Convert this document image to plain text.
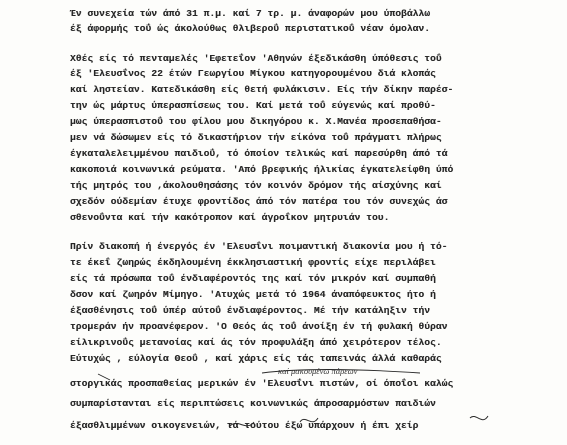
Έν συνεχεία τών άπό 31 π.μ. καί 7 τρ. μ. άναφορών μου ύποβάλλω
έξ άφορμής τοΰ ώς άκολούθως θλιβεροΰ περιστατικοΰ νέαν όμολαν.
Χθές είς τό πενταμελές 'Εφετεΐον 'Αθηνών έξεδικάσθη ύπόθεσις τοΰ
έξ 'Ελευσΐνος 22 έτών Γεωργίου Μίγκου κατηγορουμένου διά κλοπάς
καί ληστείαν. Κατεδικάσθη είς θετή φυλάκισιν. Είς τήν δίκην παρέσ-
την ώς μάρτυς ύπερασπίσεως του. Καί μετά τοΰ εύγενώς καί προθύ-
μως ύπερασπιστοΰ του φίλου μου δικηγόρου κ. Χ.Μανέα προσεπαθήσα-
μεν νά δώσωμεν είς τό δικαστήριον τήν είκόνα τοΰ πράγματι πλήρως
έγκαταλελειμμένου παιδιοΰ, τό όποίον τελικώς καί παρεσύρθη άπό τά
κακοποιά κοινωνικά ρεύματα. 'Από βρεφικής ήλικίας έγκατελείφθη ύπό
τής μητρός του ,άκολουθησάσης τόν κοινόν δρόμον τής αίσχύνης καί
σχεδόν ούδεμίαν έτυχε φροντίδος άπό τόν πατέρα του τόν συνεχώς άσ
σθενοΰντα καί τήν κακότροπον καί άγροΐκον μητρυιάν του.
Πρίν διακοπή ή ένεργός έν 'Ελευσΐνι ποιμαντική διακονία μου ή τό-
τε έκεΐ ζωηρώς έκδηλουμένη έκκλησιαστική φροντίς είχε περιλάβει
είς τά πρόσωπα τοΰ ένδιαφέροντός της καί τόν μικρόν καί συμπαθή
δσον καί ζωηρόν Μίμηγο. 'Ατυχώς μετά τό 1964 άναπόφευκτος ήτο ή
έξασθένησις τοΰ ύπέρ αύτοΰ ένδιαφέροντος. Μέ τήν κατάληξιν τήν
τρομεράν ήν προανέφερον. 'Ο Θεός άς τοΰ άνοίξη έν τή φυλακή θύραν
είλικρινοΰς μετανοίας καί άς τόν προφυλάξη άπό χειρότερον τέλος.
Εύτυχώς , εύλογία Θεοΰ , καί χάρις είς τάς ταπεινάς άλλά καθαράς
στοργικάς προσπαθείας μερικών έν 'Ελευσΐνι πιστών, οί όποΐοι καλώς
συμπαρίστανται είς περιπτώσεις κοινωνικώς άπροσαρμόστων παιδιών
έξασθλιμμένων οικογενειών, τά τούτου έξω υπάρχουν ή έπι χείρ
καί μακουμένω πάρεων
